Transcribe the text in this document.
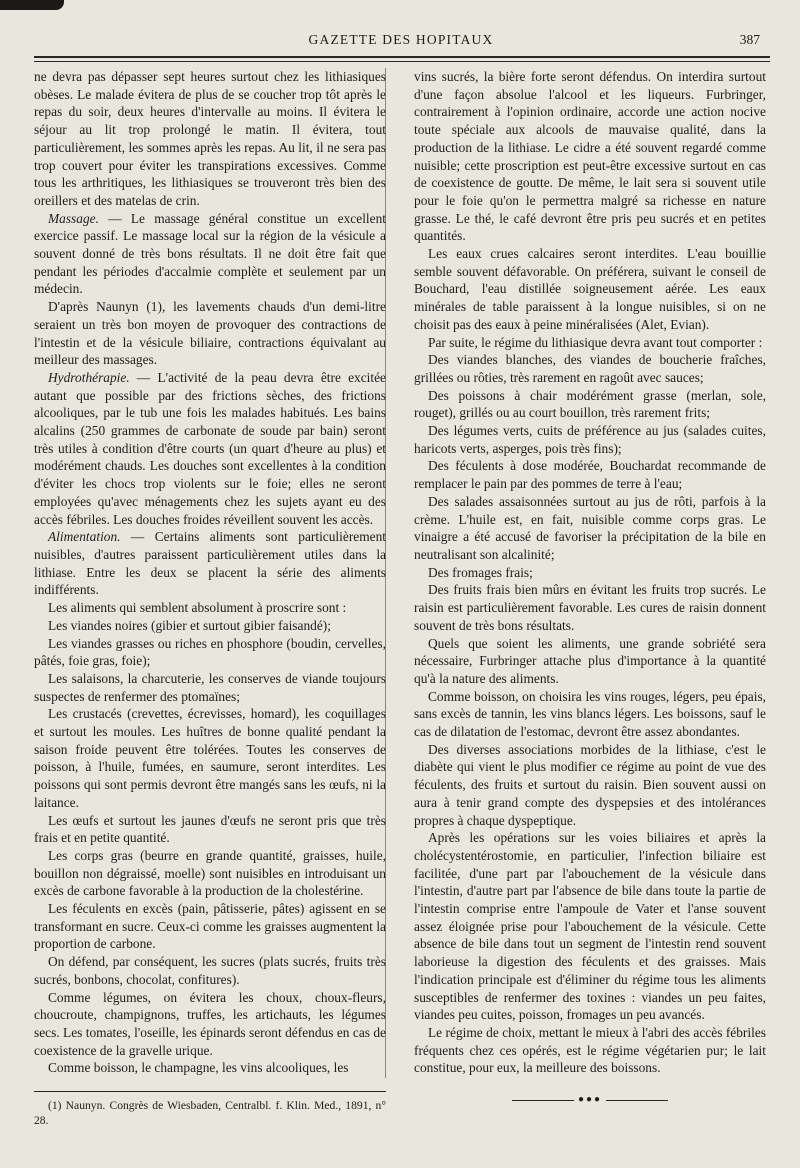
GAZETTE DES HOPITAUX	387

ne devra pas dépasser sept heures surtout chez les lithiasiques obèses. Le malade évitera de plus de se coucher trop tôt après le repas du soir, deux heures d'intervalle au moins. Il évitera le séjour au lit trop prolongé le matin. Il évitera, tout particulièrement, les sommes après les repas. Au lit, il ne sera pas trop couvert pour éviter les transpirations excessives. Comme tous les arthritiques, les lithiasiques se trouveront très bien des oreillers et des matelas de crin.

Massage. — Le massage général constitue un excellent exercice passif. Le massage local sur la région de la vésicule a souvent donné de très bons résultats. Il ne doit être fait que pendant les périodes d'accalmie complète et seulement par un médecin.

D'après Naunyn (1), les lavements chauds d'un demi-litre seraient un très bon moyen de provoquer des contractions de l'intestin et de la vésicule biliaire, contractions équivalant au meilleur des massages.

Hydrothérapie. — L'activité de la peau devra être excitée autant que possible par des frictions sèches, des frictions alcooliques, par le tub une fois les malades habitués. Les bains alcalins (250 grammes de carbonate de soude par bain) seront très utiles à condition d'être courts (un quart d'heure au plus) et modérément chauds. Les douches sont excellentes à la condition d'éviter les chocs trop violents sur le foie; elles ne seront employées qu'avec ménagements chez les sujets ayant eu des accès fébriles. Les douches froides réveillent souvent les accès.

Alimentation. — Certains aliments sont particulièrement nuisibles, d'autres paraissent particulièrement utiles dans la lithiase. Entre les deux se placent la série des aliments indifférents.

Les aliments qui semblent absolument à proscrire sont :

Les viandes noires (gibier et surtout gibier faisandé);

Les viandes grasses ou riches en phosphore (boudin, cervelles, pâtés, foie gras, foie);

Les salaisons, la charcuterie, les conserves de viande toujours suspectes de renfermer des ptomaïnes;

Les crustacés (crevettes, écrevisses, homard), les coquillages et surtout les moules. Les huîtres de bonne qualité pendant la saison froide peuvent être tolérées. Toutes les conserves de poisson, à l'huile, fumées, en saumure, seront interdites. Les poissons qui sont permis devront être mangés sans les œufs, ni la laitance.

Les œufs et surtout les jaunes d'œufs ne seront pris que très frais et en petite quantité.

Les corps gras (beurre en grande quantité, graisses, huile, bouillon non dégraissé, moelle) sont nuisibles en introduisant un excès de carbone favorable à la production de la cholestérine.

Les féculents en excès (pain, pâtisserie, pâtes) agissent en se transformant en sucre. Ceux-ci comme les graisses augmentent la proportion de carbone.

On défend, par conséquent, les sucres (plats sucrés, fruits très sucrés, bonbons, chocolat, confitures).

Comme légumes, on évitera les choux, choux-fleurs, choucroute, champignons, truffes, les artichauts, les légumes secs. Les tomates, l'oseille, les épinards seront défendus en cas de coexistence de la gravelle urique.

Comme boisson, le champagne, les vins alcooliques, les

(1) Naunyn. Congrès de Wiesbaden, Centralbl. f. Klin. Med., 1891, n° 28.

vins sucrés, la bière forte seront défendus. On interdira surtout d'une façon absolue l'alcool et les liqueurs. Furbringer, contrairement à l'opinion ordinaire, accorde une action nocive toute spéciale aux alcools de mauvaise qualité, dans la production de la lithiase. Le cidre a été souvent regardé comme nuisible; cette proscription est peut-être excessive surtout en cas de coexistence de goutte. De même, le lait sera si souvent utile pour le foie qu'on le permettra malgré sa richesse en nature grasse. Le thé, le café devront être pris peu sucrés et en petites quantités.

Les eaux crues calcaires seront interdites. L'eau bouillie semble souvent défavorable. On préférera, suivant le conseil de Bouchard, l'eau distillée soigneusement aérée. Les eaux minérales de table paraissent à la longue nuisibles, si on ne choisit pas des eaux à peine minéralisées (Alet, Evian).

Par suite, le régime du lithiasique devra avant tout comporter :

Des viandes blanches, des viandes de boucherie fraîches, grillées ou rôties, très rarement en ragoût avec sauces;

Des poissons à chair modérément grasse (merlan, sole, rouget), grillés ou au court bouillon, très rarement frits;

Des légumes verts, cuits de préférence au jus (salades cuites, haricots verts, asperges, pois très fins);

Des féculents à dose modérée, Bouchardat recommande de remplacer le pain par des pommes de terre à l'eau;

Des salades assaisonnées surtout au jus de rôti, parfois à la crème. L'huile est, en fait, nuisible comme corps gras. Le vinaigre a été accusé de favoriser la précipitation de la bile en neutralisant son alcalinité;

Des fromages frais;

Des fruits frais bien mûrs en évitant les fruits trop sucrés. Le raisin est particulièrement favorable. Les cures de raisin donnent souvent de très bons résultats.

Quels que soient les aliments, une grande sobriété sera nécessaire, Furbringer attache plus d'importance à la quantité qu'à la nature des aliments.

Comme boisson, on choisira les vins rouges, légers, peu épais, sans excès de tannin, les vins blancs légers. Les boissons, sauf le cas de dilatation de l'estomac, devront être assez abondantes.

Des diverses associations morbides de la lithiase, c'est le diabète qui vient le plus modifier ce régime au point de vue des féculents, des fruits et surtout du raisin. Bien souvent aussi on aura à tenir grand compte des dyspepsies et des intolérances propres à chaque dyspeptique.

Après les opérations sur les voies biliaires et après la cholécystentérostomie, en particulier, l'infection biliaire est facilitée, d'une part par l'abouchement de la vésicule dans l'intestin, d'autre part par l'absence de bile dans toute la partie de l'intestin comprise entre l'ampoule de Vater et l'anse souvent assez éloignée prise pour l'abouchement de la vésicule. Cette absence de bile dans tout un segment de l'intestin rend souvent laborieuse la digestion des féculents et des graisses. Mais l'indication principale est d'éliminer du régime tous les aliments susceptibles de renfermer des toxines : viandes un peu faites, viandes peu cuites, poisson, fromages un peu avancés.

Le régime de choix, mettant le mieux à l'abri des accès fébriles fréquents chez ces opérés, est le régime végétarien pur; le lait constitue, pour eux, la meilleure des boissons.

●●●
